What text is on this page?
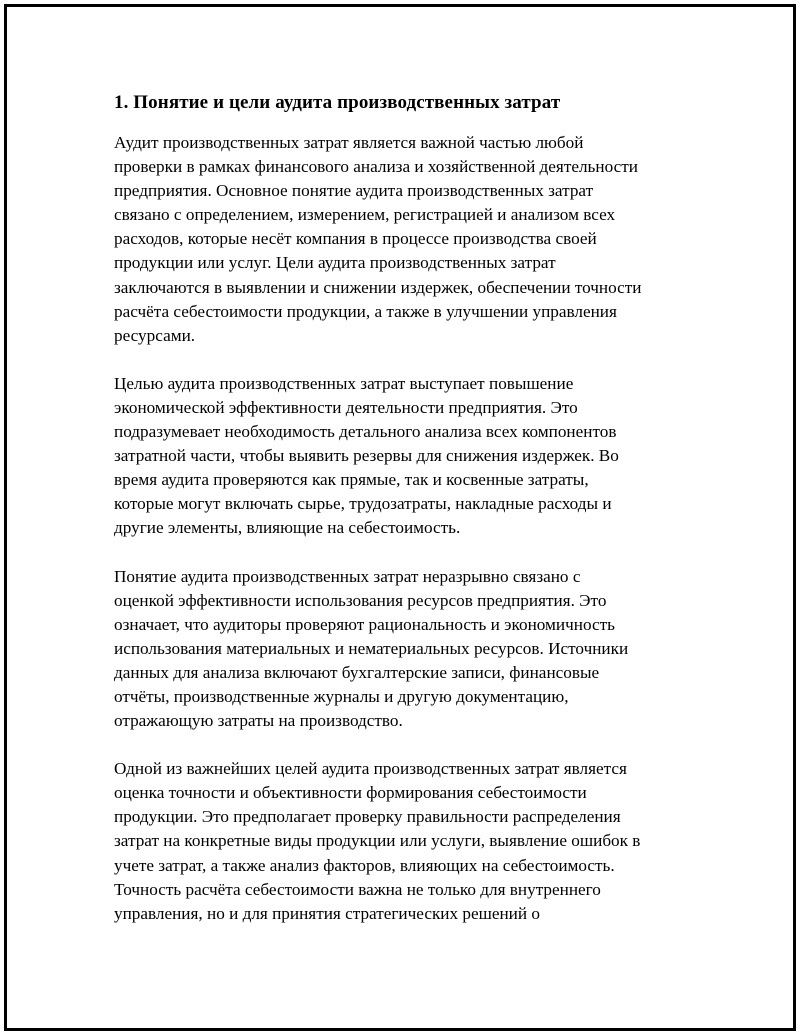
1. Понятие и цели аудита производственных затрат

Аудит производственных затрат является важной частью любой
проверки в рамках финансового анализа и хозяйственной деятельности
предприятия. Основное понятие аудита производственных затрат
связано с определением, измерением, регистрацией и анализом всех
расходов, которые несёт компания в процессе производства своей
продукции или услуг. Цели аудита производственных затрат
заключаются в выявлении и снижении издержек, обеспечении точности
расчёта себестоимости продукции, а также в улучшении управления
ресурсами.

Целью аудита производственных затрат выступает повышение
экономической эффективности деятельности предприятия. Это
подразумевает необходимость детального анализа всех компонентов
затратной части, чтобы выявить резервы для снижения издержек. Во
время аудита проверяются как прямые, так и косвенные затраты,
которые могут включать сырье, трудозатраты, накладные расходы и
другие элементы, влияющие на себестоимость.

Понятие аудита производственных затрат неразрывно связано с
оценкой эффективности использования ресурсов предприятия. Это
означает, что аудиторы проверяют рациональность и экономичность
использования материальных и нематериальных ресурсов. Источники
данных для анализа включают бухгалтерские записи, финансовые
отчёты, производственные журналы и другую документацию,
отражающую затраты на производство.

Одной из важнейших целей аудита производственных затрат является
оценка точности и объективности формирования себестоимости
продукции. Это предполагает проверку правильности распределения
затрат на конкретные виды продукции или услуги, выявление ошибок в
учете затрат, а также анализ факторов, влияющих на себестоимость.
Точность расчёта себестоимости важна не только для внутреннего
управления, но и для принятия стратегических решений о
